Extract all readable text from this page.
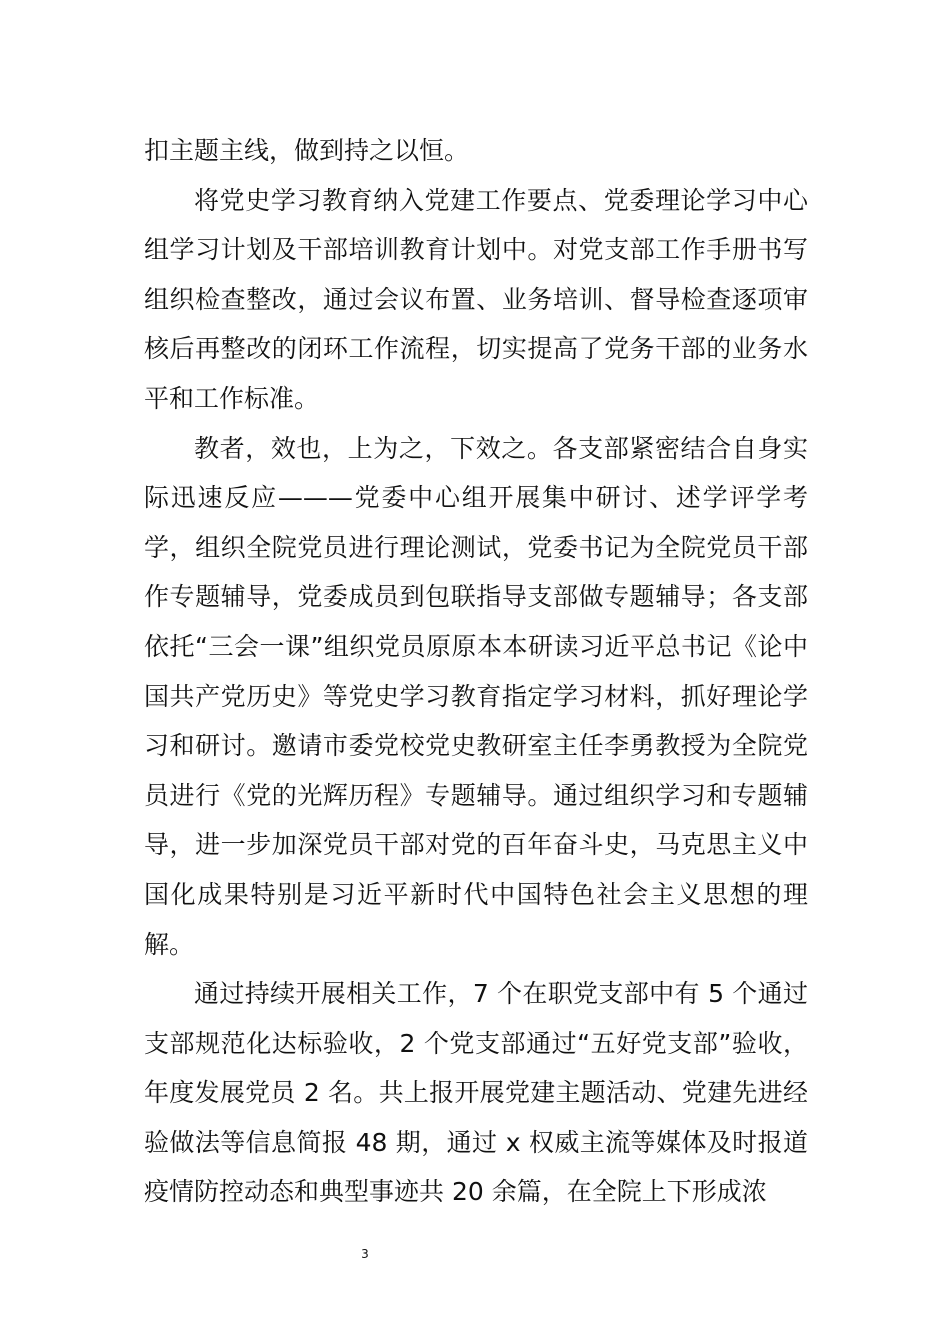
扣主题主线，做到持之以恒。

将党史学习教育纳入党建工作要点、党委理论学习中心组学习计划及干部培训教育计划中。对党支部工作手册书写组织检查整改，通过会议布置、业务培训、督导检查逐项审核后再整改的闭环工作流程，切实提高了党务干部的业务水平和工作标准。

教者，效也，上为之，下效之。各支部紧密结合自身实际迅速反应———党委中心组开展集中研讨、述学评学考学，组织全院党员进行理论测试，党委书记为全院党员干部作专题辅导，党委成员到包联指导支部做专题辅导；各支部依托“三会一课”组织党员原原本本研读习近平总书记《论中国共产党历史》等党史学习教育指定学习材料，抓好理论学习和研讨。邀请市委党校党史教研室主任李勇教授为全院党员进行《党的光辉历程》专题辅导。通过组织学习和专题辅导，进一步加深党员干部对党的百年奋斗史，马克思主义中国化成果特别是习近平新时代中国特色社会主义思想的理解。

通过持续开展相关工作，7 个在职党支部中有 5 个通过支部规范化达标验收，2 个党支部通过“五好党支部”验收，年度发展党员 2 名。共上报开展党建主题活动、党建先进经验做法等信息简报 48 期，通过 x 权威主流等媒体及时报道疫情防控动态和典型事迹共 20 余篇，在全院上下形成浓

3
